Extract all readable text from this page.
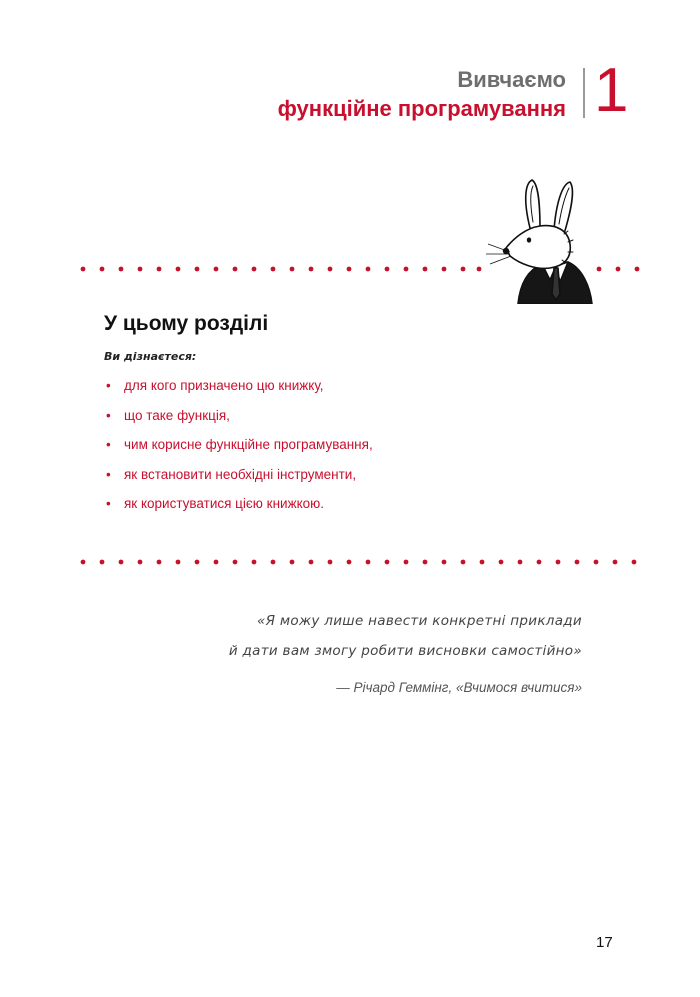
Вивчаємо
функційне програмування 1
У цьому розділі
Ви дізнаєтеся:
• для кого призначено цю книжку,
• що таке функція,
• чим корисне функційне програмування,
• як встановити необхідні інструменти,
• як користуватися цією книжкою.
«Я можу лише навести конкретні приклади
й дати вам змогу робити висновки самостійно»
— Річард Геммінг, «Вчимося вчитися»
17
